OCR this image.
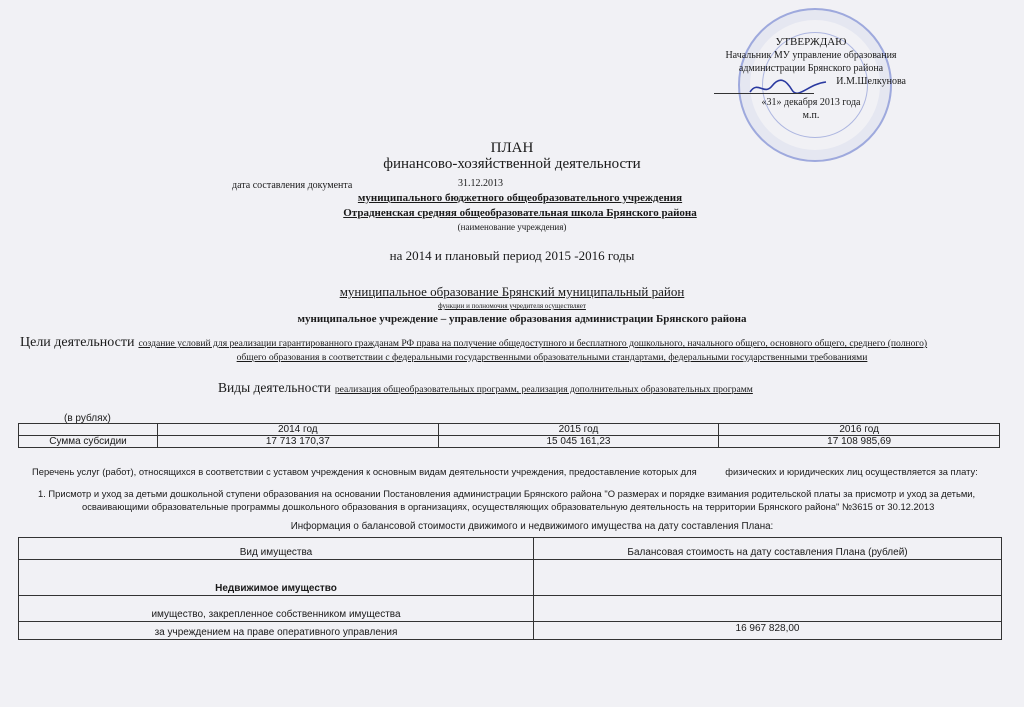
УТВЕРЖДАЮ
Начальник МУ управление образования
администрации Брянского района
И.М.Шелкунова
«31» декабря 2013 года
м.п.
ПЛАН
финансово-хозяйственной деятельности
дата составления документа	31.12.2013
муниципального бюджетного общеобразовательного учреждения
Отрадненская средняя общеобразовательная школа Брянского района
(наименование учреждения)
на 2014 и плановый период 2015 -2016 годы
муниципальное образование Брянский муниципальный район
функции и полномочия учредителя осуществляет
муниципальное учреждение – управление образования администрации Брянского района
Цели деятельности создание условий для реализации гарантированного гражданам РФ права на получение общедоступного и бесплатного дошкольного, начального общего, основного общего, среднего (полного)
общего образования в соответствии с федеральными государственными образовательными стандартами, федеральными государственными требованиями
Виды деятельности реализация общеобразовательных программ, реализация дополнительных образовательных программ
(в рублях)
	2014 год	2015 год	2016 год
Сумма субсидии	17 713 170,37	15 045 161,23	17 108 985,69
Перечень услуг (работ), относящихся в соответствии с уставом учреждения к основным видам деятельности учреждения, предоставление которых для	физических и юридических лиц осуществляется за плату:
1. Присмотр и уход за детьми дошкольной ступени образования на основании Постановления администрации Брянского района "О размерах и порядке взимания родительской платы за присмотр и уход за детьми,
осваивающими образовательные программы дошкольного образования в организациях, осуществляющих образовательную деятельность на территории Брянского района" №3615 от 30.12.2013
Информация о балансовой стоимости движимого и недвижимого имущества на дату составления Плана:
Вид имущества	Балансовая стоимость на дату составления Плана (рублей)
Недвижимое имущество	
имущество, закрепленное собственником имущества	
за учреждением на праве оперативного управления	16 967 828,00
